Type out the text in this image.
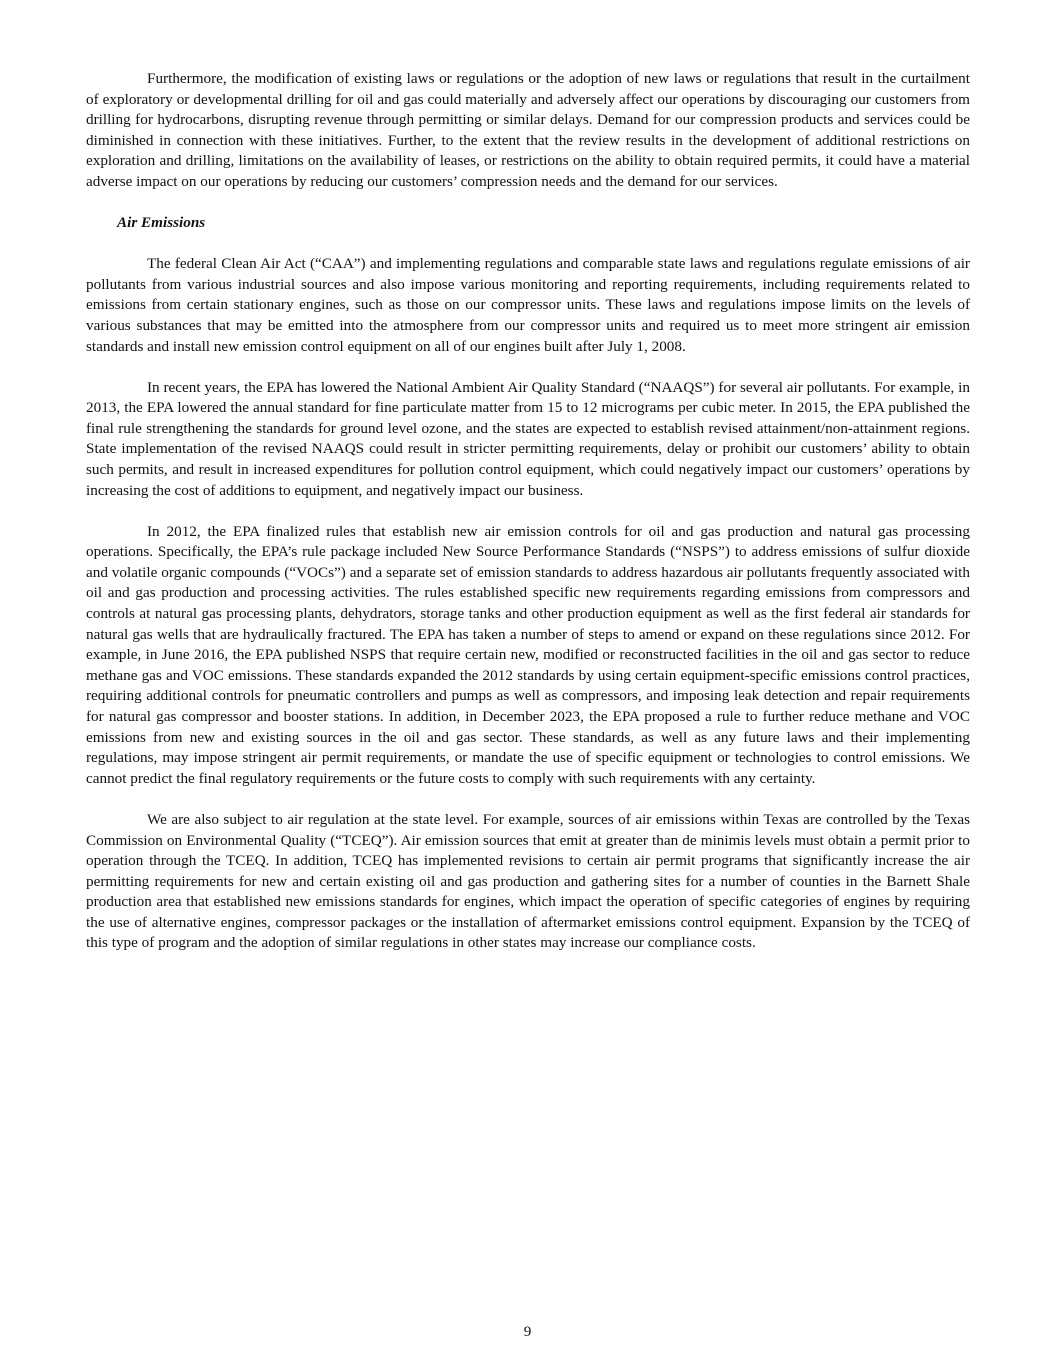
Furthermore, the modification of existing laws or regulations or the adoption of new laws or regulations that result in the curtailment of exploratory or developmental drilling for oil and gas could materially and adversely affect our operations by discouraging our customers from drilling for hydrocarbons, disrupting revenue through permitting or similar delays. Demand for our compression products and services could be diminished in connection with these initiatives. Further, to the extent that the review results in the development of additional restrictions on exploration and drilling, limitations on the availability of leases, or restrictions on the ability to obtain required permits, it could have a material adverse impact on our operations by reducing our customers’ compression needs and the demand for our services.

Air Emissions

The federal Clean Air Act (“CAA”) and implementing regulations and comparable state laws and regulations regulate emissions of air pollutants from various industrial sources and also impose various monitoring and reporting requirements, including requirements related to emissions from certain stationary engines, such as those on our compressor units. These laws and regulations impose limits on the levels of various substances that may be emitted into the atmosphere from our compressor units and required us to meet more stringent air emission standards and install new emission control equipment on all of our engines built after July 1, 2008.

In recent years, the EPA has lowered the National Ambient Air Quality Standard (“NAAQS”) for several air pollutants. For example, in 2013, the EPA lowered the annual standard for fine particulate matter from 15 to 12 micrograms per cubic meter. In 2015, the EPA published the final rule strengthening the standards for ground level ozone, and the states are expected to establish revised attainment/non-attainment regions. State implementation of the revised NAAQS could result in stricter permitting requirements, delay or prohibit our customers’ ability to obtain such permits, and result in increased expenditures for pollution control equipment, which could negatively impact our customers’ operations by increasing the cost of additions to equipment, and negatively impact our business.

In 2012, the EPA finalized rules that establish new air emission controls for oil and gas production and natural gas processing operations. Specifically, the EPA’s rule package included New Source Performance Standards (“NSPS”) to address emissions of sulfur dioxide and volatile organic compounds (“VOCs”) and a separate set of emission standards to address hazardous air pollutants frequently associated with oil and gas production and processing activities. The rules established specific new requirements regarding emissions from compressors and controls at natural gas processing plants, dehydrators, storage tanks and other production equipment as well as the first federal air standards for natural gas wells that are hydraulically fractured. The EPA has taken a number of steps to amend or expand on these regulations since 2012. For example, in June 2016, the EPA published NSPS that require certain new, modified or reconstructed facilities in the oil and gas sector to reduce methane gas and VOC emissions. These standards expanded the 2012 standards by using certain equipment-specific emissions control practices, requiring additional controls for pneumatic controllers and pumps as well as compressors, and imposing leak detection and repair requirements for natural gas compressor and booster stations. In addition, in December 2023, the EPA proposed a rule to further reduce methane and VOC emissions from new and existing sources in the oil and gas sector. These standards, as well as any future laws and their implementing regulations, may impose stringent air permit requirements, or mandate the use of specific equipment or technologies to control emissions. We cannot predict the final regulatory requirements or the future costs to comply with such requirements with any certainty.

We are also subject to air regulation at the state level. For example, sources of air emissions within Texas are controlled by the Texas Commission on Environmental Quality (“TCEQ”). Air emission sources that emit at greater than de minimis levels must obtain a permit prior to operation through the TCEQ. In addition, TCEQ has implemented revisions to certain air permit programs that significantly increase the air permitting requirements for new and certain existing oil and gas production and gathering sites for a number of counties in the Barnett Shale production area that established new emissions standards for engines, which impact the operation of specific categories of engines by requiring the use of alternative engines, compressor packages or the installation of aftermarket emissions control equipment. Expansion by the TCEQ of this type of program and the adoption of similar regulations in other states may increase our compliance costs.

9
